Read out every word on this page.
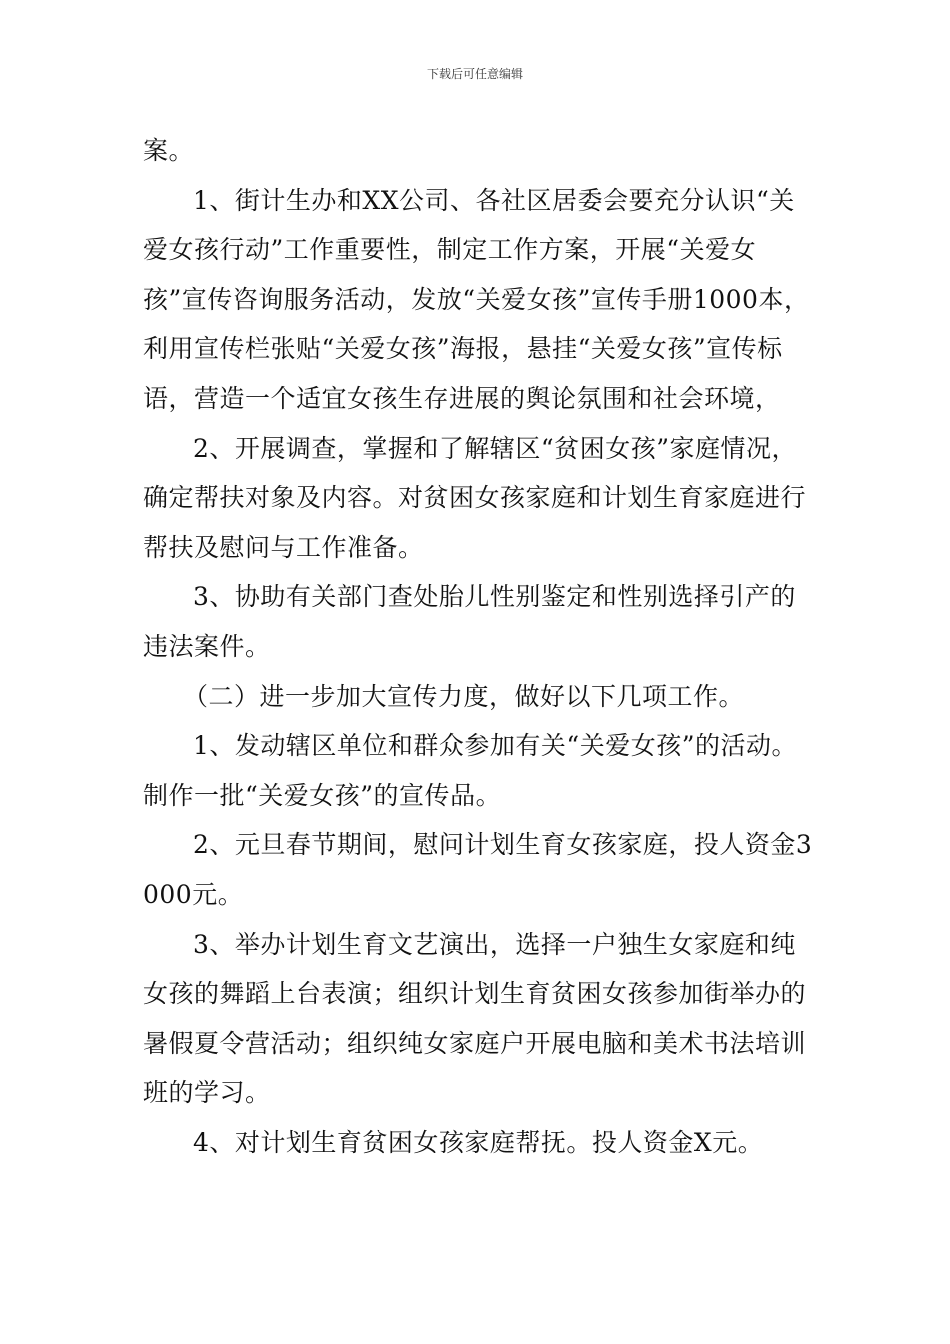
下载后可任意编辑

案。

1、街计生办和XX公司、各社区居委会要充分认识“关爱女孩行动”工作重要性，制定工作方案，开展“关爱女孩”宣传咨询服务活动，发放“关爱女孩”宣传手册1000本，利用宣传栏张贴“关爱女孩”海报，悬挂“关爱女孩”宣传标语，营造一个适宜女孩生存进展的舆论氛围和社会环境，

2、开展调查，掌握和了解辖区“贫困女孩”家庭情况，确定帮扶对象及内容。对贫困女孩家庭和计划生育家庭进行帮扶及慰问与工作准备。

3、协助有关部门查处胎儿性别鉴定和性别选择引产的违法案件。

（二）进一步加大宣传力度，做好以下几项工作。

1、发动辖区单位和群众参加有关“关爱女孩”的活动。制作一批“关爱女孩”的宣传品。

2、元旦春节期间，慰问计划生育女孩家庭，投人资金3000元。

3、举办计划生育文艺演出，选择一户独生女家庭和纯女孩的舞蹈上台表演；组织计划生育贫困女孩参加街举办的暑假夏令营活动；组织纯女家庭户开展电脑和美术书法培训班的学习。

4、对计划生育贫困女孩家庭帮抚。投人资金X元。
